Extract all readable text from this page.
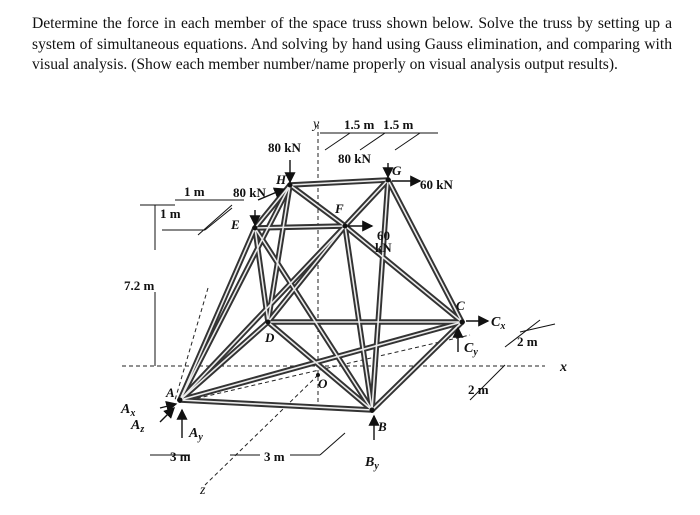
Determine the force in each member of the space truss shown below. Solve the truss by setting up a system of simultaneous equations. And solving by hand using Gauss elimination, and comparing with visual analysis. (Show each member number/name properly on visual analysis output results).
y
x
z
A
B
C
D
E
F
G
H
O
80 kN
80 kN
80 kN
60 kN
60
kN
1.5 m 1.5 m
1 m
1 m
7.2 m
3 m	3 m
2 m
2 m
$A_x$
$A_z$	$A_y$
$B_y$
$C_y$
$C_x$
